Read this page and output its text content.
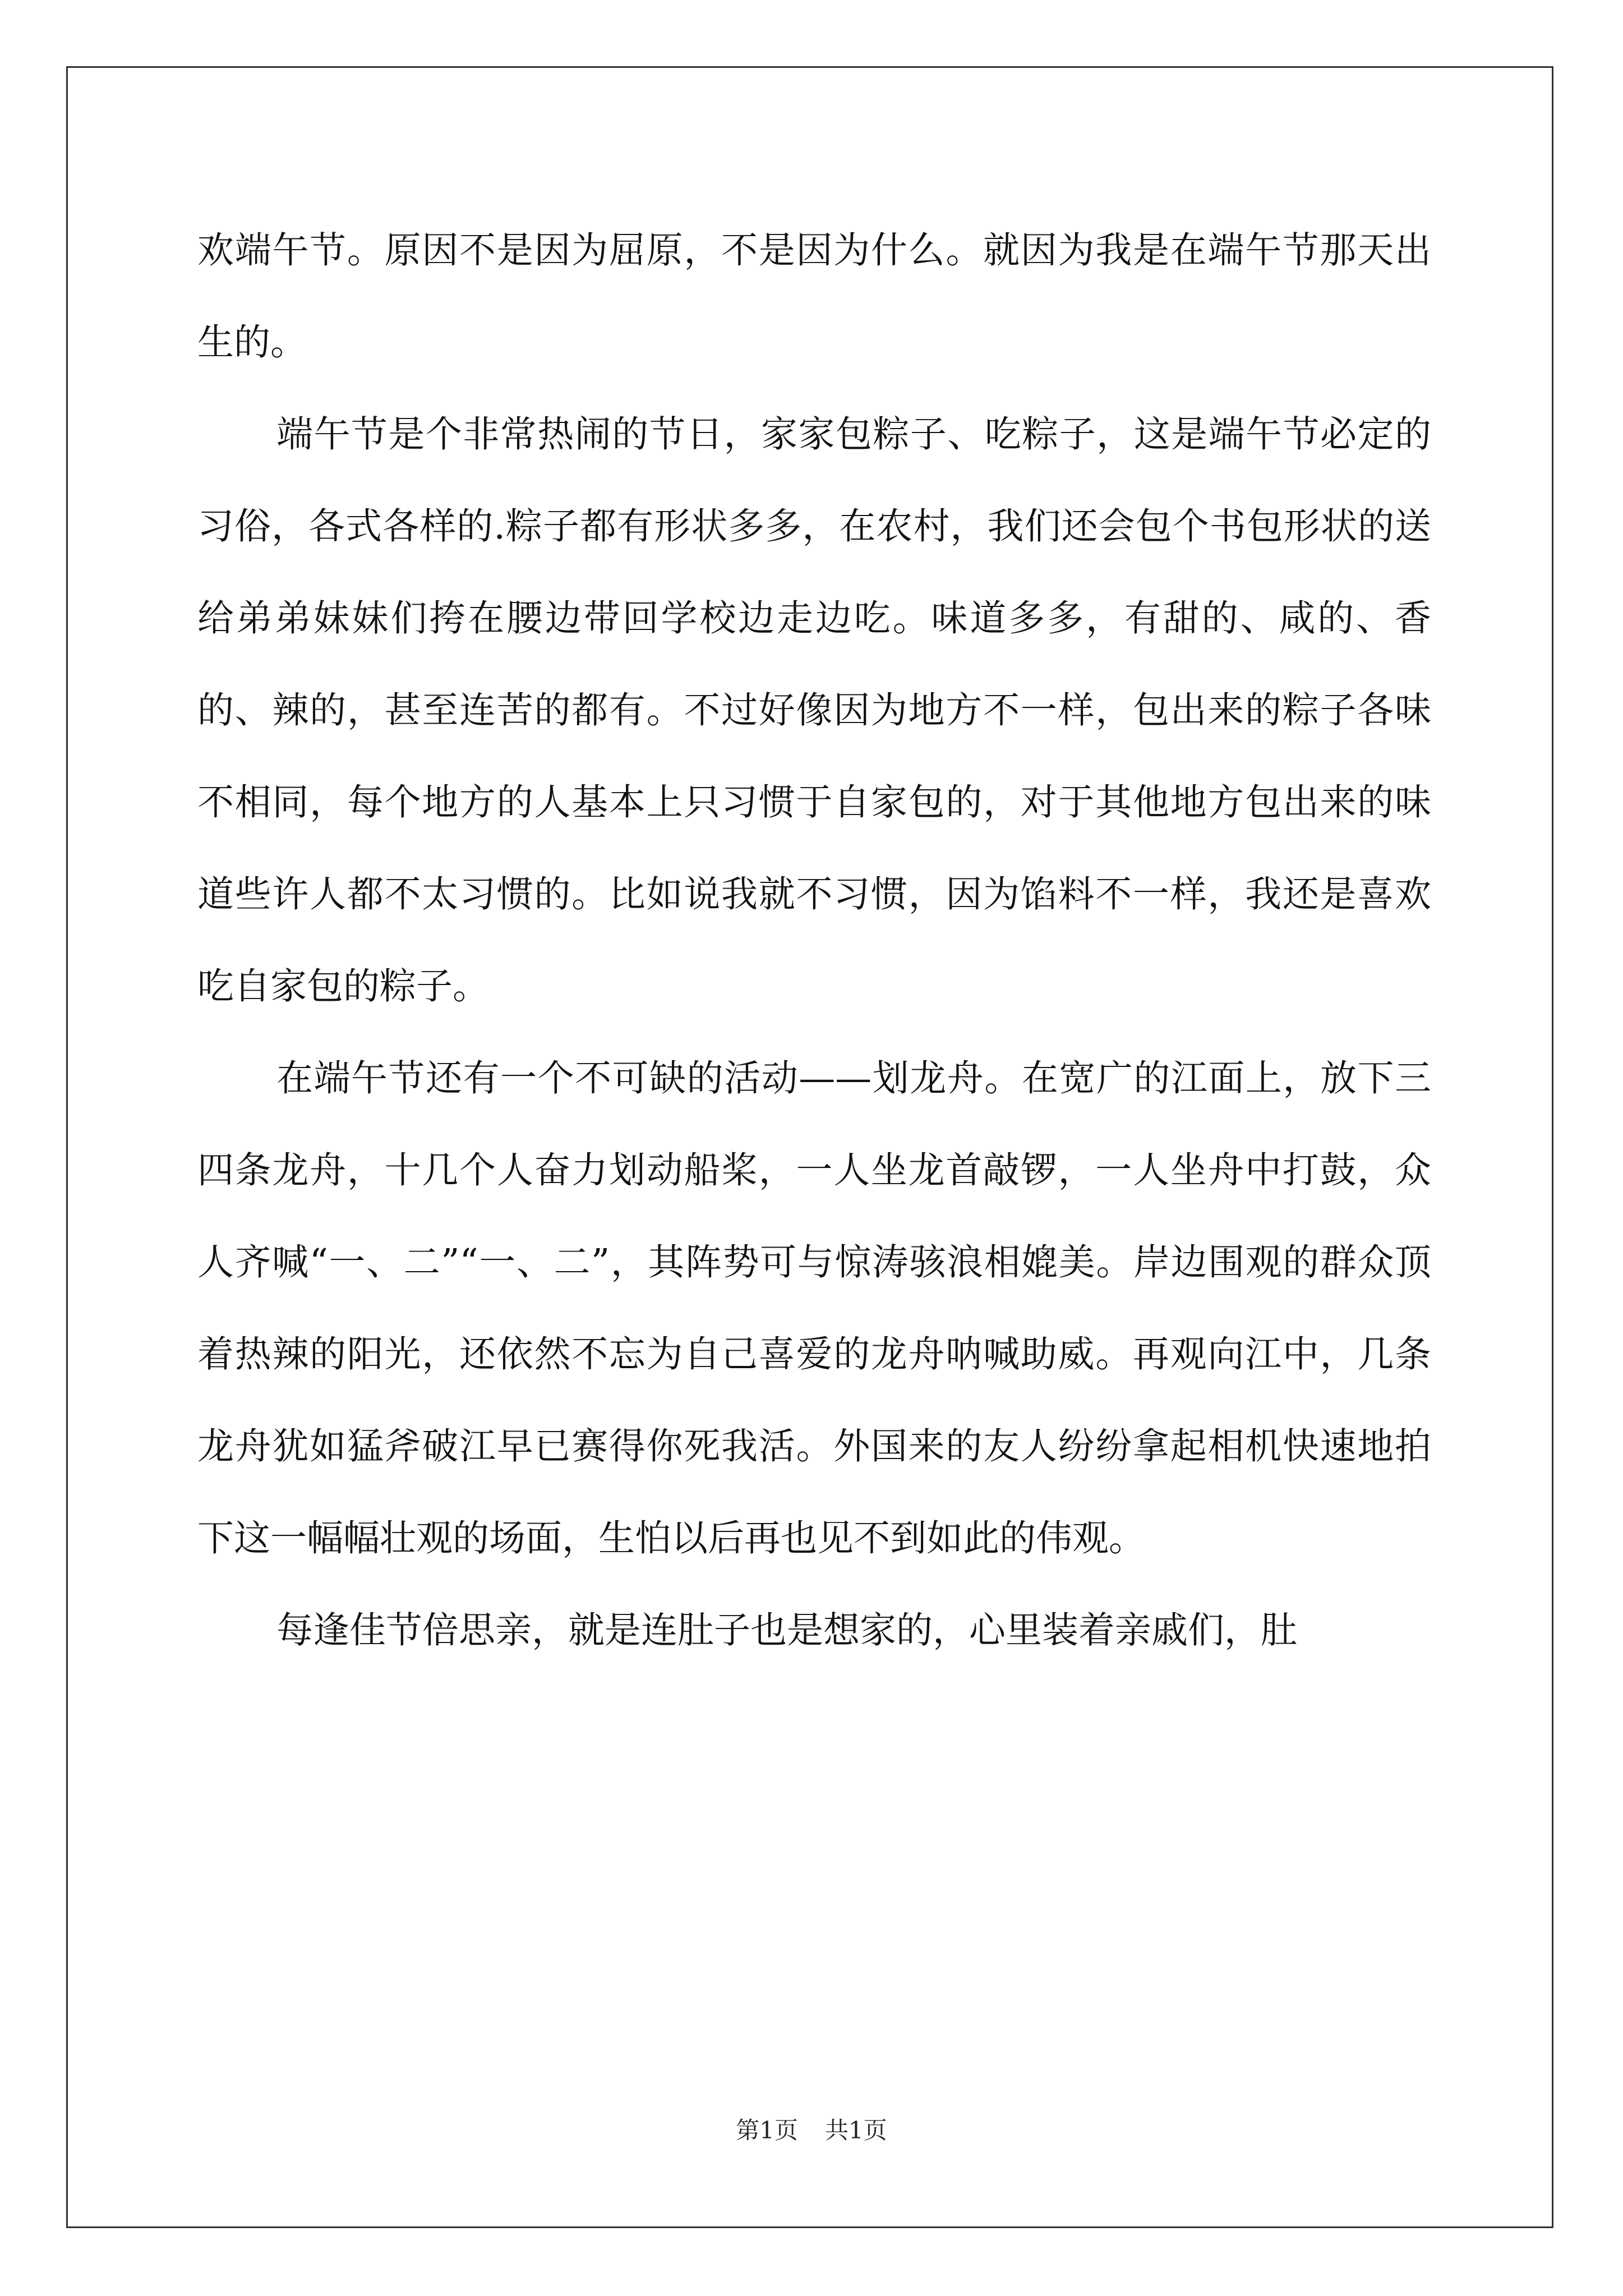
欢端午节。原因不是因为屈原，不是因为什么。就因为我是在端午节那天出生的。

端午节是个非常热闹的节日，家家包粽子、吃粽子，这是端午节必定的习俗，各式各样的.粽子都有形状多多，在农村，我们还会包个书包形状的送给弟弟妹妹们挎在腰边带回学校边走边吃。味道多多，有甜的、咸的、香的、辣的，甚至连苦的都有。不过好像因为地方不一样，包出来的粽子各味不相同，每个地方的人基本上只习惯于自家包的，对于其他地方包出来的味道些许人都不太习惯的。比如说我就不习惯，因为馅料不一样，我还是喜欢吃自家包的粽子。

在端午节还有一个不可缺的活动——划龙舟。在宽广的江面上，放下三四条龙舟，十几个人奋力划动船桨，一人坐龙首敲锣，一人坐舟中打鼓，众人齐喊“一、二”“一、二”，其阵势可与惊涛骇浪相媲美。岸边围观的群众顶着热辣的阳光，还依然不忘为自己喜爱的龙舟呐喊助威。再观向江中，几条龙舟犹如猛斧破江早已赛得你死我活。外国来的友人纷纷拿起相机快速地拍下这一幅幅壮观的场面，生怕以后再也见不到如此的伟观。

每逢佳节倍思亲，就是连肚子也是想家的，心里装着亲戚们，肚

第1页 共1页
